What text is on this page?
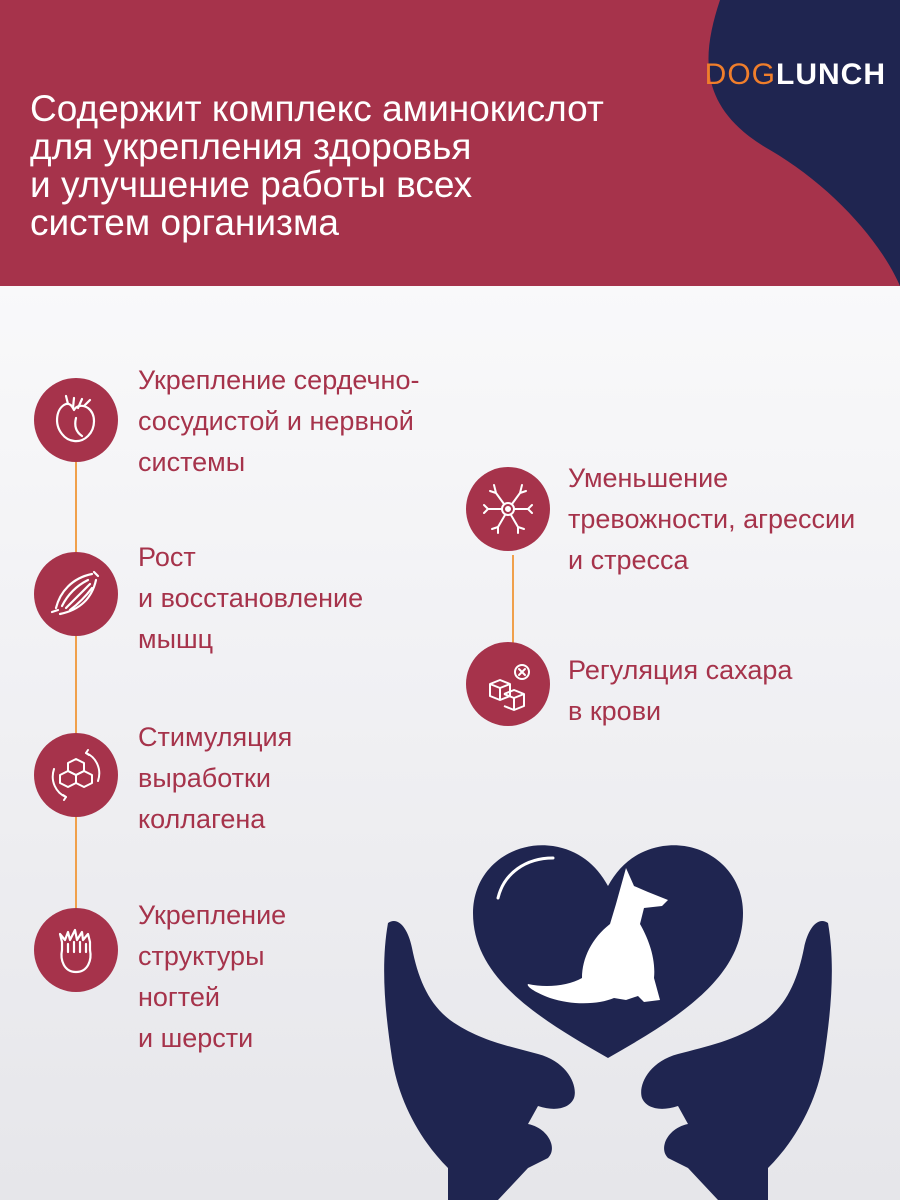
DOG LUNCH
Содержит комплекс аминокислот
для укрепления здоровья
и улучшение работы всех
систем организма
Укрепление сердечно-
сосудистой и нервной
системы
Рост
и восстановление
мышц
Стимуляция
выработки
коллагена
Укрепление
структуры
ногтей
и шерсти
Уменьшение
тревожности, агрессии
и стресса
Регуляция сахара
в крови
